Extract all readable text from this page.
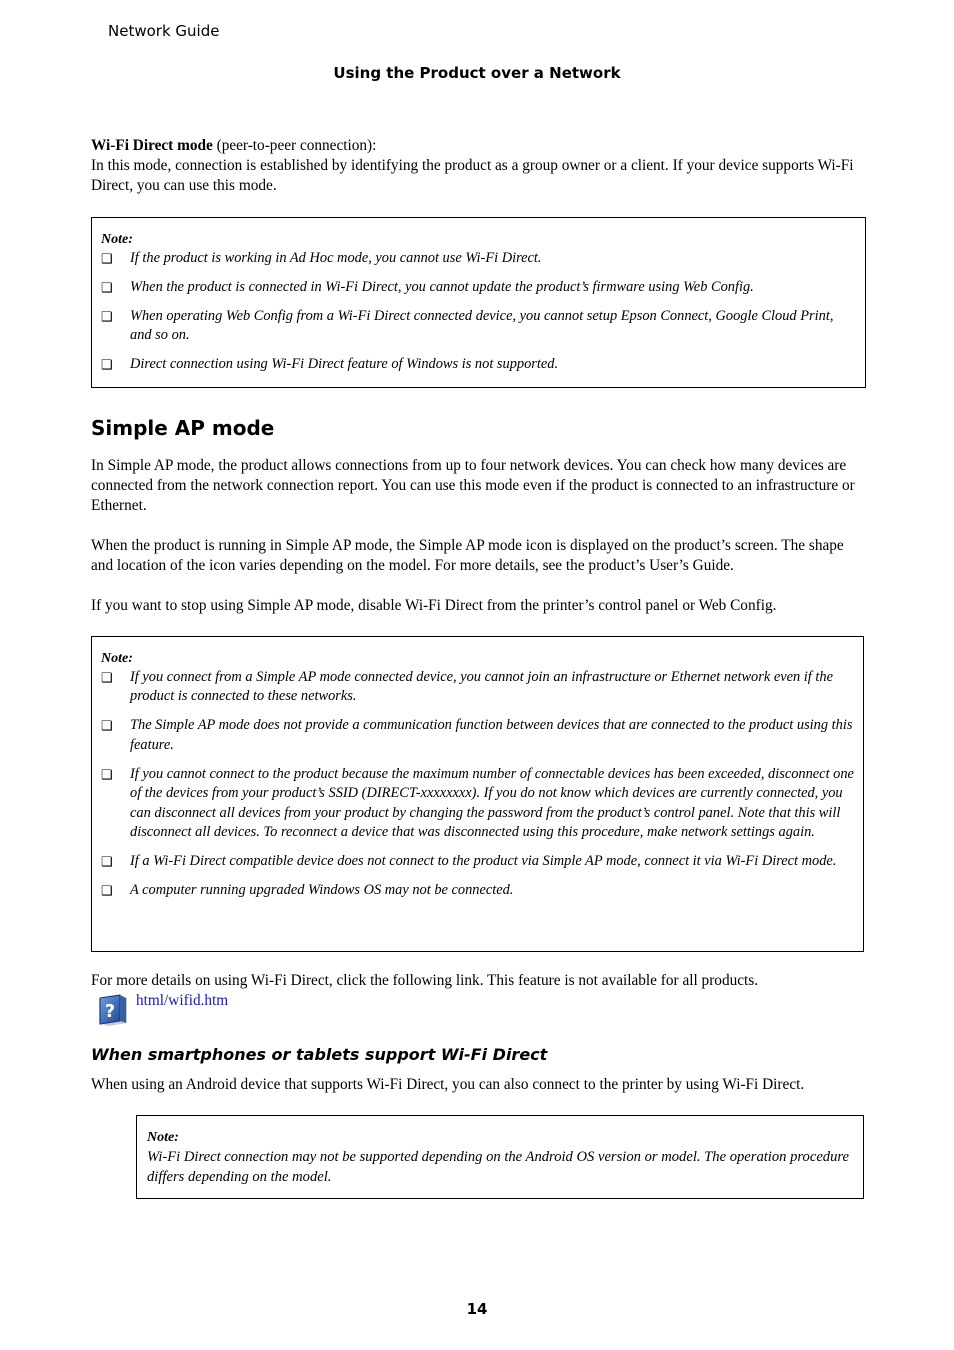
Network Guide
Using the Product over a Network
Wi-Fi Direct mode (peer-to-peer connection):
In this mode, connection is established by identifying the product as a group owner or a client. If your device supports Wi-Fi Direct, you can use this mode.
Note:
❑ If the product is working in Ad Hoc mode, you cannot use Wi-Fi Direct.
❑ When the product is connected in Wi-Fi Direct, you cannot update the product’s firmware using Web Config.
❑ When operating Web Config from a Wi-Fi Direct connected device, you cannot setup Epson Connect, Google Cloud Print, and so on.
❑ Direct connection using Wi-Fi Direct feature of Windows is not supported.
Simple AP mode
In Simple AP mode, the product allows connections from up to four network devices. You can check how many devices are connected from the network connection report. You can use this mode even if the product is connected to an infrastructure or Ethernet.
When the product is running in Simple AP mode, the Simple AP mode icon is displayed on the product’s screen. The shape and location of the icon varies depending on the model. For more details, see the product’s User’s Guide.
If you want to stop using Simple AP mode, disable Wi-Fi Direct from the printer’s control panel or Web Config.
Note:
❑ If you connect from a Simple AP mode connected device, you cannot join an infrastructure or Ethernet network even if the product is connected to these networks.
❑ The Simple AP mode does not provide a communication function between devices that are connected to the product using this feature.
❑ If you cannot connect to the product because the maximum number of connectable devices has been exceeded, disconnect one of the devices from your product’s SSID (DIRECT-xxxxxxxx). If you do not know which devices are currently connected, you can disconnect all devices from your product by changing the password from the product’s control panel. Note that this will disconnect all devices. To reconnect a device that was disconnected using this procedure, make network settings again.
❑ If a Wi-Fi Direct compatible device does not connect to the product via Simple AP mode, connect it via Wi-Fi Direct mode.
❑ A computer running upgraded Windows OS may not be connected.
For more details on using Wi-Fi Direct, click the following link. This feature is not available for all products.
?
html/wifid.htm
When smartphones or tablets support Wi-Fi Direct
When using an Android device that supports Wi-Fi Direct, you can also connect to the printer by using Wi-Fi Direct.
Note:
Wi-Fi Direct connection may not be supported depending on the Android OS version or model. The operation procedure differs depending on the model.
14
